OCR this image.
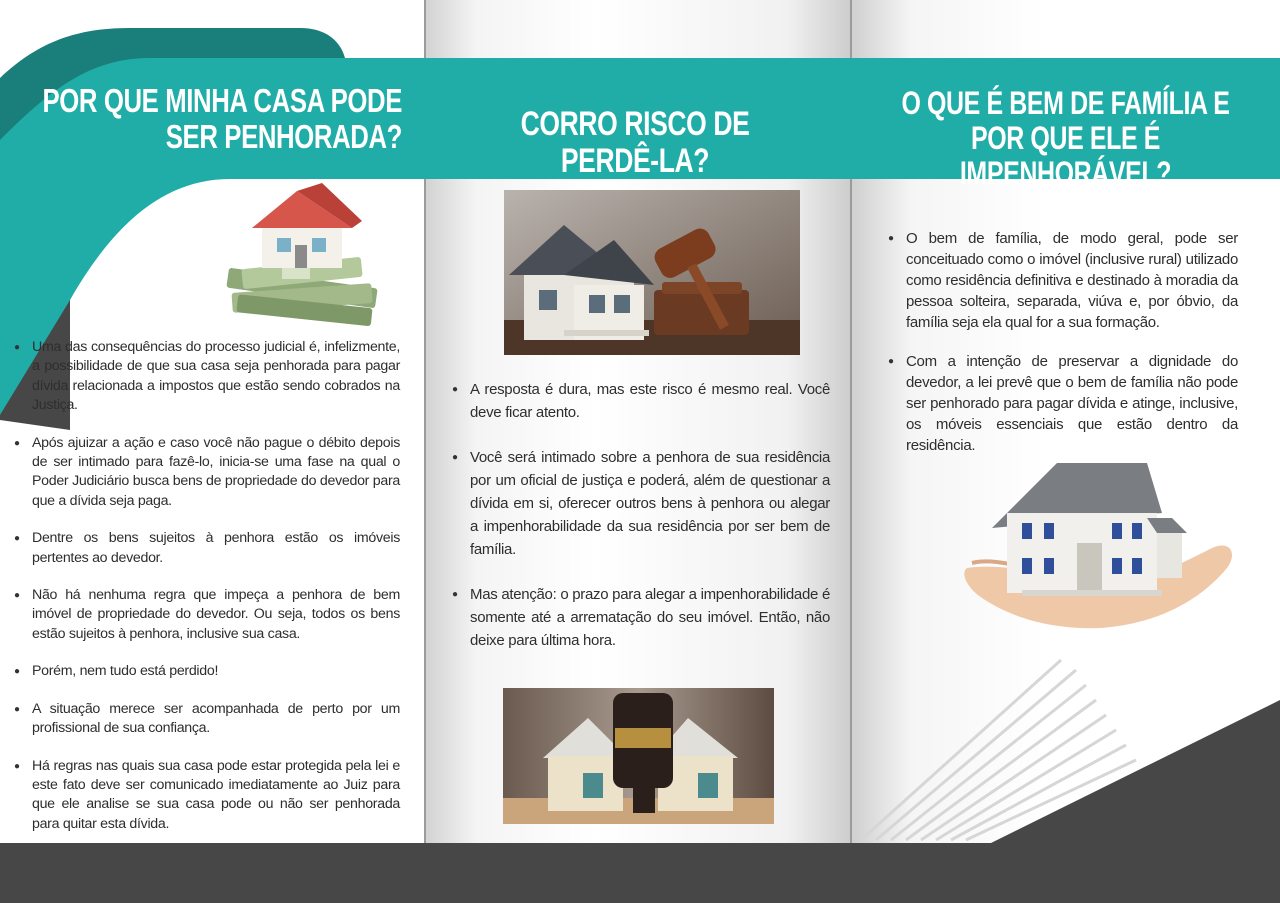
POR QUE MINHA CASA PODE SER PENHORADA?	CORRO RISCO DE PERDÊ-LA?
O QUE É BEM DE FAMÍLIA E POR QUE ELE É IMPENHORÁVEL?
● Uma das consequências do processo judicial é, infelizmente, a possibilidade de que sua casa seja penhorada para pagar dívida relacionada a impostos que estão sendo cobrados na Justiça.
● Após ajuizar a ação e caso você não pague o débito depois de ser intimado para fazê-lo, inicia-se uma fase na qual o Poder Judiciário busca bens de propriedade do devedor para que a dívida seja paga.
● Dentre os bens sujeitos à penhora estão os imóveis pertentes ao devedor.
● Não há nenhuma regra que impeça a penhora de bem imóvel de propriedade do devedor. Ou seja, todos os bens estão sujeitos à penhora, inclusive sua casa.
● Porém, nem tudo está perdido!
● A situação merece ser acompanhada de perto por um profissional de sua confiança.
● Há regras nas quais sua casa pode estar protegida pela lei e este fato deve ser comunicado imediatamente ao Juiz para que ele analise se sua casa pode ou não ser penhorada para quitar esta dívida.
● A resposta é dura, mas este risco é mesmo real. Você deve ficar atento.
● Você será intimado sobre a penhora de sua residência por um oficial de justiça e poderá, além de questionar a dívida em si, oferecer outros bens à penhora ou alegar a impenhorabilidade da sua residência por ser bem de família.
● Mas atenção: o prazo para alegar a impenhorabilidade é somente até a arrematação do seu imóvel. Então, não deixe para última hora.
● O bem de família, de modo geral, pode ser conceituado como o imóvel (inclusive rural) utilizado como residência definitiva e destinado à moradia da pessoa solteira, separada, viúva e, por óbvio, da família seja ela qual for a sua formação.
● Com a intenção de preservar a dignidade do devedor, a lei prevê que o bem de família não pode ser penhorado para pagar dívida e atinge, inclusive, os móveis essenciais que estão dentro da residência.
